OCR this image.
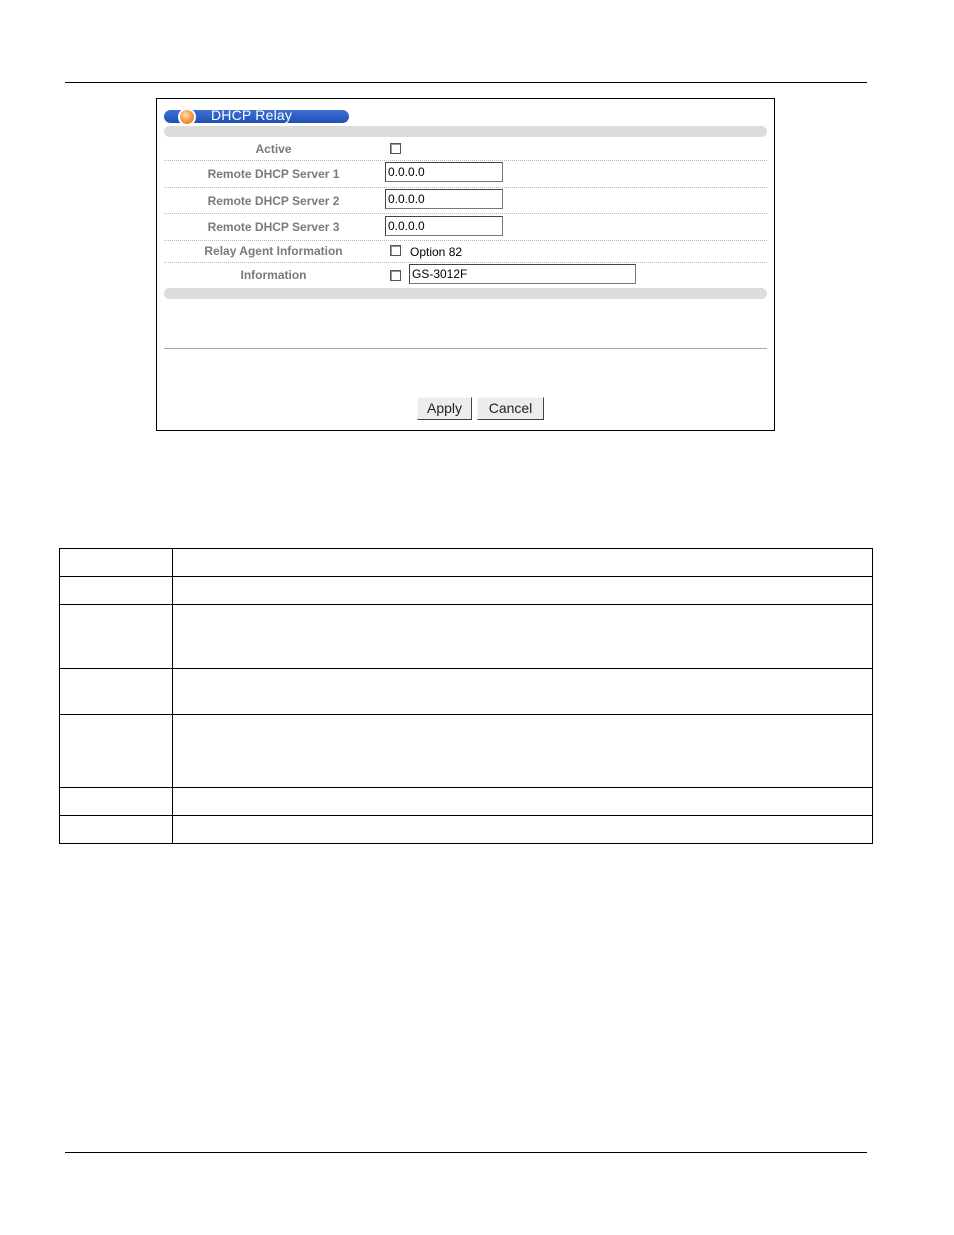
DHCP Relay
Active
Remote DHCP Server 1	0.0.0.0
Remote DHCP Server 2	0.0.0.0
Remote DHCP Server 3	0.0.0.0
Relay Agent Information	Option 82
Information	GS-3012F
Apply	Cancel
